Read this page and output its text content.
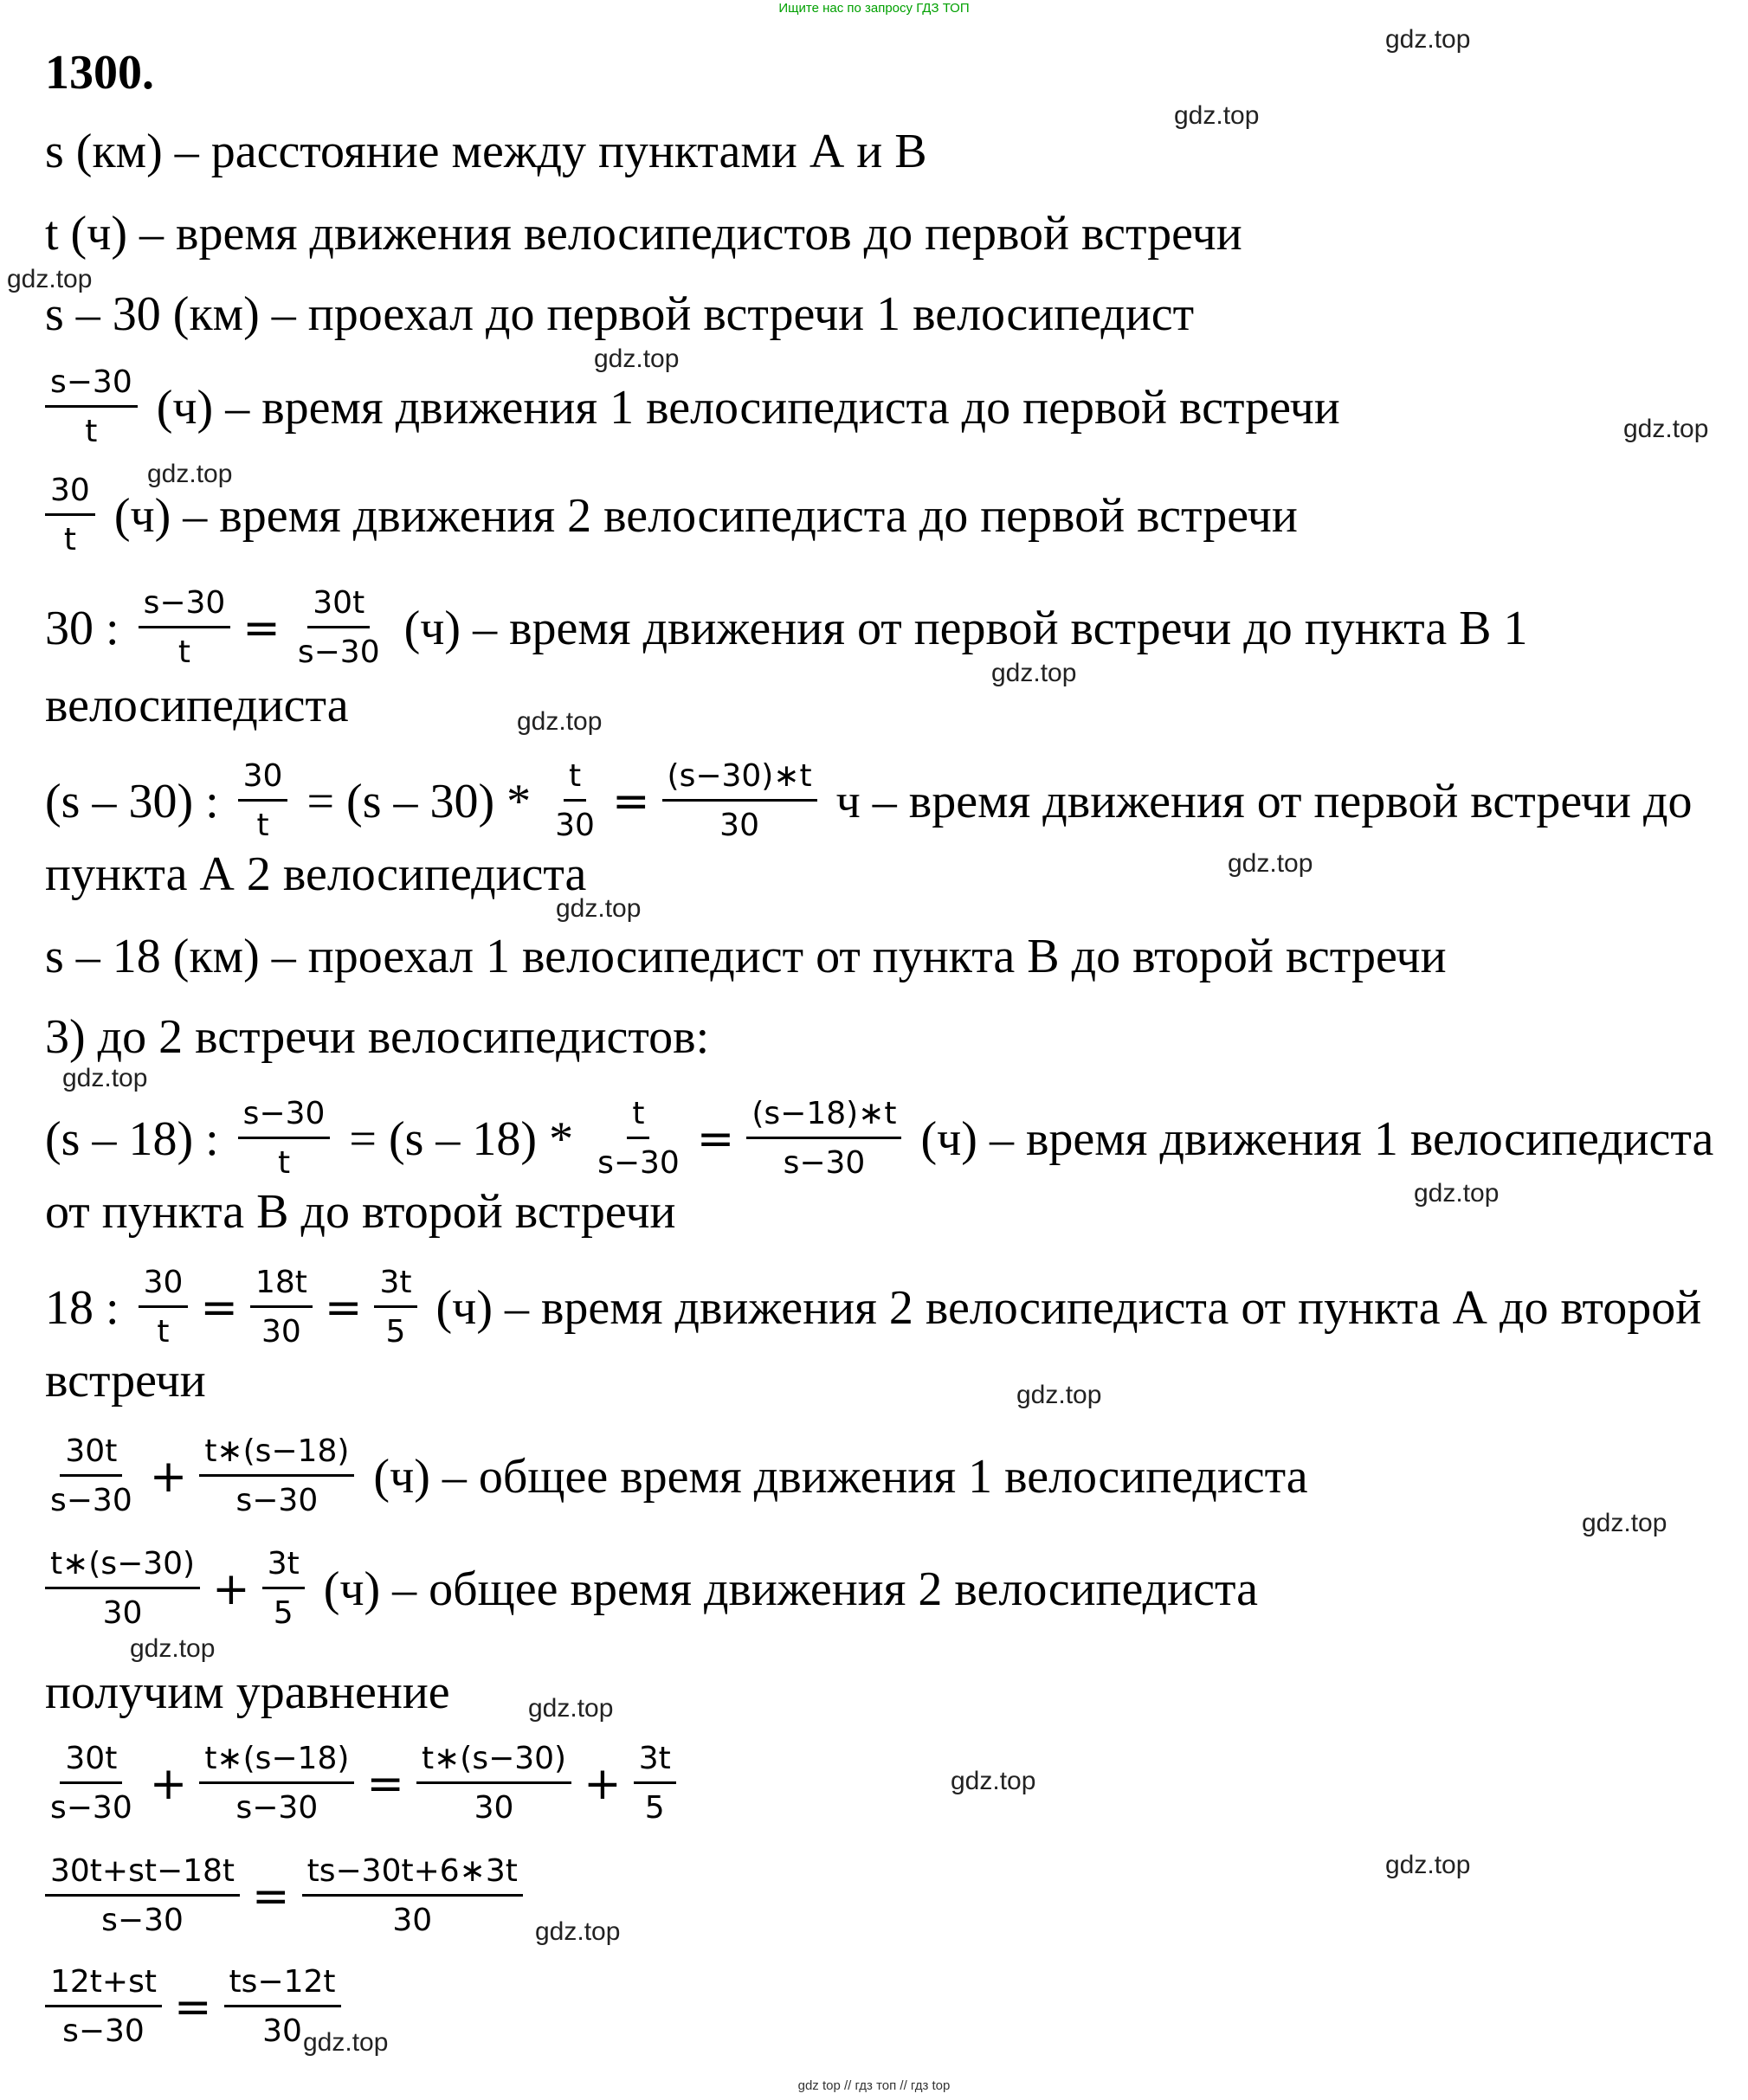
Ищите нас по запросу ГДЗ ТОП
1300.
s (км) – расстояние между пунктами А и В
t (ч) – время движения велосипедистов до первой встречи
s – 30 (км) – проехал до первой встречи 1 велосипедист
$\frac{s-30}{t} (ч)$ – время движения 1 велосипедиста до первой встречи
$\frac{30}{t} (ч)$ – время движения 2 велосипедиста до первой встречи
30 : $\frac{s-30}{t} = \frac{30t}{s-30} (ч)$ – время движения от первой встречи до пункта В 1
велосипедиста
(s – 30) : $\frac{30}{t} = (s - 30) * \frac{t}{30} = \frac{(s-30)∗t}{30}$ ч – время движения от первой встречи до
пункта А 2 велосипедиста
s – 18 (км) – проехал 1 велосипедист от пункта В до второй встречи
3) до 2 встречи велосипедистов:
(s – 18) : $\frac{s-30}{t} = (s - 18) * \frac{t}{s-30} = \frac{(s-18)∗t}{s-30} (ч)$ – время движения 1 велосипедиста
от пункта В до второй встречи
18 : $\frac{30}{t} = \frac{18t}{30} = \frac{3t}{5} (ч)$ – время движения 2 велосипедиста от пункта А до второй
встречи
$\frac{30t}{s-30} + \frac{t∗(s-18)}{s-30} (ч)$ – общее время движения 1 велосипедиста
$\frac{t∗(s-30)}{30} + \frac{3t}{5} (ч)$ – общее время движения 2 велосипедиста
получим уравнение
$\frac{30t}{s-30} + \frac{t∗(s-18)}{s-30} = \frac{t∗(s-30)}{30} + \frac{3t}{5}$
$\frac{30t+st-18t}{s-30} = \frac{ts-30t+6∗3t}{30}$
$\frac{12t+st}{s-30} = \frac{ts-12t}{30}$
gdz.top
gdz.top
gdz.top
gdz.top
gdz.top
gdz.top
gdz.top
gdz.top
gdz.top
gdz.top
gdz.top
gdz.top
gdz.top
gdz.top
gdz.top
gdz.top
gdz.top
gdz.top
gdz.top
gdz.top
gdz top // гдз топ // гдз top
